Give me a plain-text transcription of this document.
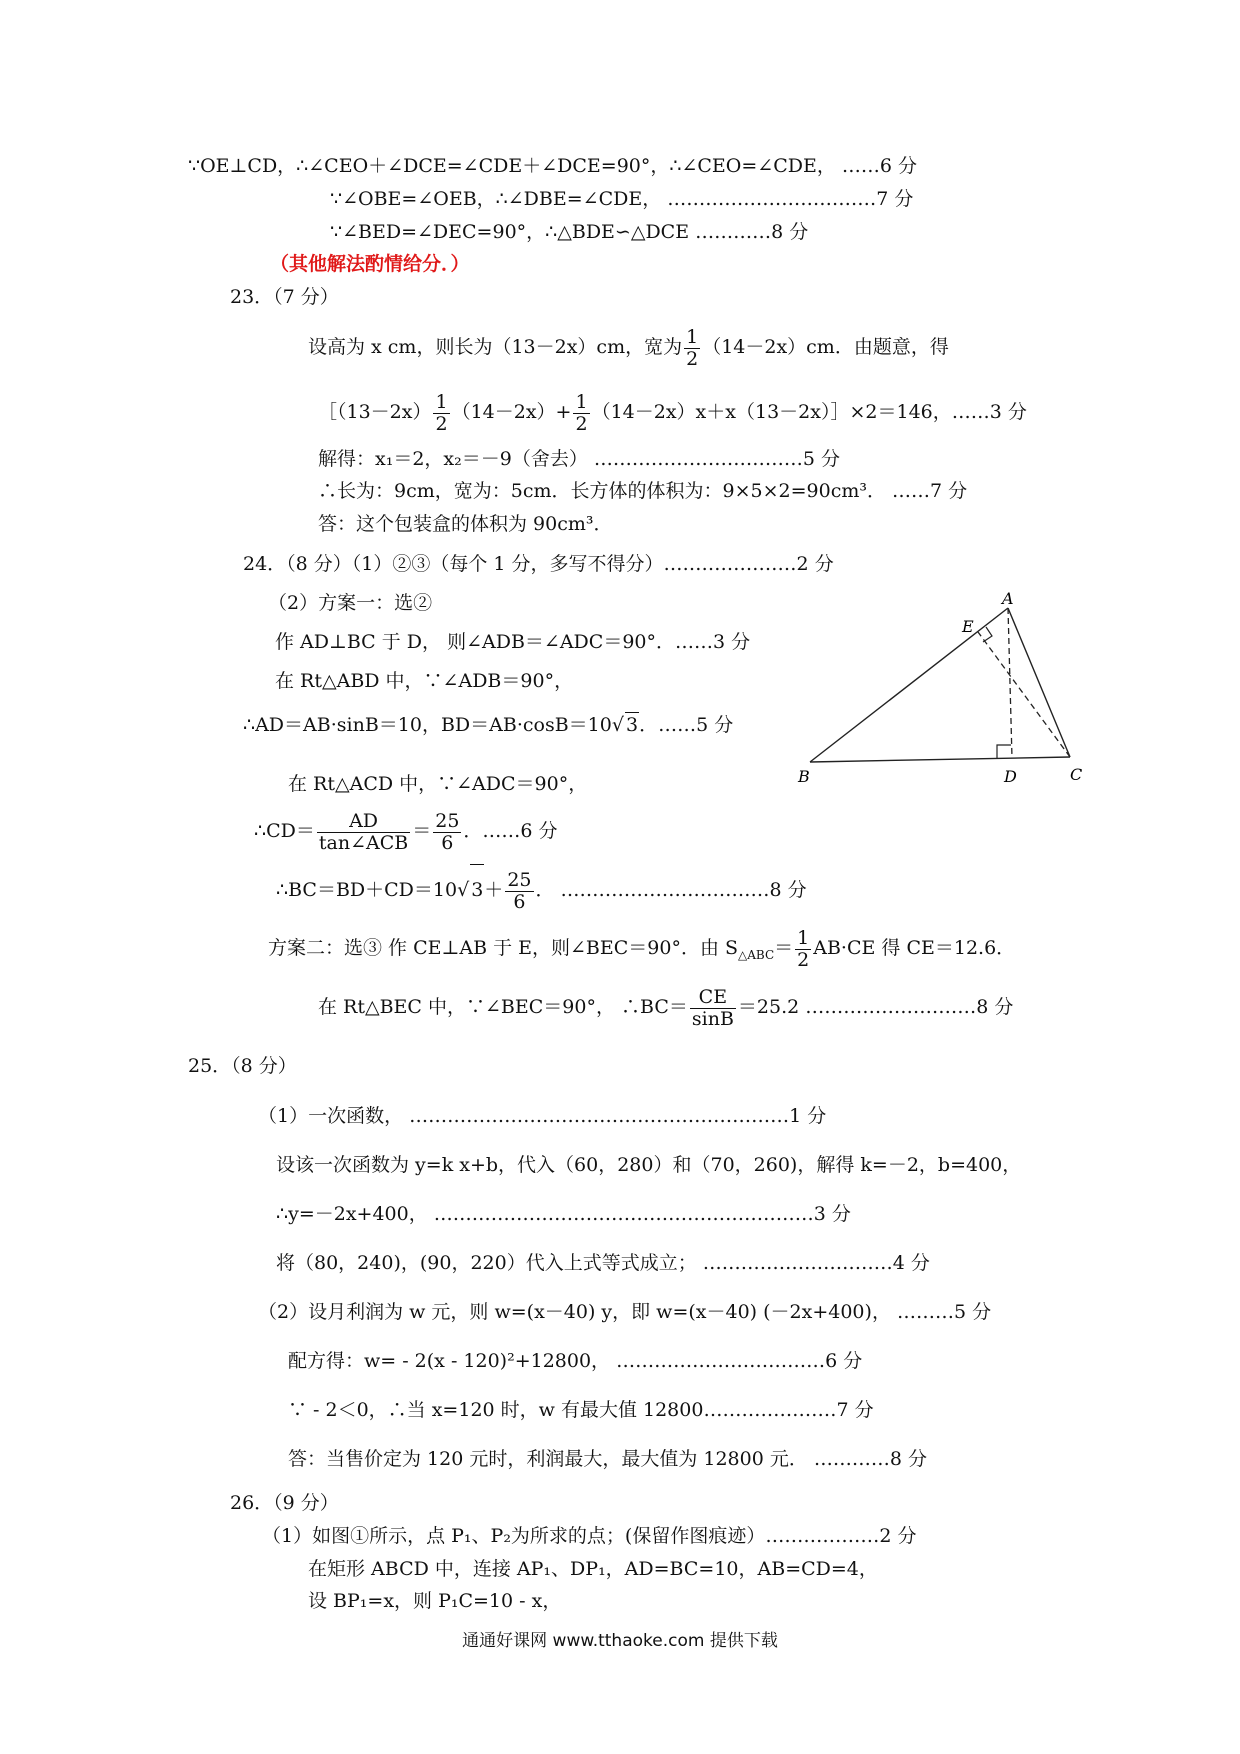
∵OE⊥CD，∴∠CEO＋∠DCE=∠CDE＋∠DCE=90°，∴∠CEO=∠CDE， ……6 分
∵∠OBE=∠OEB，∴∠DBE=∠CDE， ……………………………7 分
∵∠BED=∠DEC=90°，∴△BDE∽△DCE …………8 分
（其他解法酌情给分．）
23．（7 分）
设高为 x cm，则长为（13－2x）cm，宽为 $\frac{1}{2} (14-2x)cm$．由题意，得
［（13－2x） $\frac{1}{2} (14-2x)+ \frac{1}{2}$ （14－2x）x＋x（13－2x）］×2＝146，……3 分
解得：x₁＝2，x₂＝－9（舍去） ……………………………5 分
∴长为：9cm，宽为：5cm．长方体的体积为：9×5×2=90cm³． ……7 分
答：这个包装盒的体积为 90cm³．
24．（8 分）（1）②③（每个 1 分，多写不得分）…………………2 分
（2）方案一：选②
作 AD⊥BC 于 D， 则∠ADB＝∠ADC＝90°．……3 分
在 Rt△ABD 中，∵∠ADB＝90°，
∴AD＝AB·sinB＝10，BD＝AB·cosB＝10 √ 3．……5 分
在 Rt△ACD 中，∵∠ADC＝90°，
∴CD＝ $\frac{AD}{\text{tan∠ACB}} = \frac{25}{6}$ ．……6 分
∴BC＝BD＋CD＝10 √ $3+ \frac{25}{6}$ ． ……………………………8 分
方案二：选③ 作 CE⊥AB 于 E，则∠BEC＝90°．由 $S_{\triangle ABC}= \frac{1}{2} AB\cdot CE$ 得 CE＝12.6．
在 Rt△BEC 中，∵∠BEC＝90°， ∴BC＝ $\frac{CE}{\sin B} =25.2$ ………………………8 分
A
E
B	D	C
25．（8 分）
（1）一次函数， ……………………………………………………1 分
设该一次函数为 y=k x+b，代入（60，280）和（70，260)，解得 k=－2，b=400，
∴y=－2x+400， ……………………………………………………3 分
将（80，240)，(90，220）代入上式等式成立； …………………………4 分
（2）设月利润为 w 元，则 w=(x－40) y，即 w=(x－40) (－2x+400)， ………5 分
配方得：w= - 2(x - 120)²+12800， ……………………………6 分
∵ - 2＜0，∴当 x=120 时，w 有最大值 12800…………………7 分
答：当售价定为 120 元时，利润最大，最大值为 12800 元． …………8 分
26．（9 分）
（1）如图①所示，点 P₁、P₂为所求的点；(保留作图痕迹）………………2 分
在矩形 ABCD 中，连接 AP₁、DP₁，AD=BC=10，AB=CD=4，
设 BP₁=x，则 P₁C=10 - x，
通通好课网 www.tthaoke.com 提供下载
